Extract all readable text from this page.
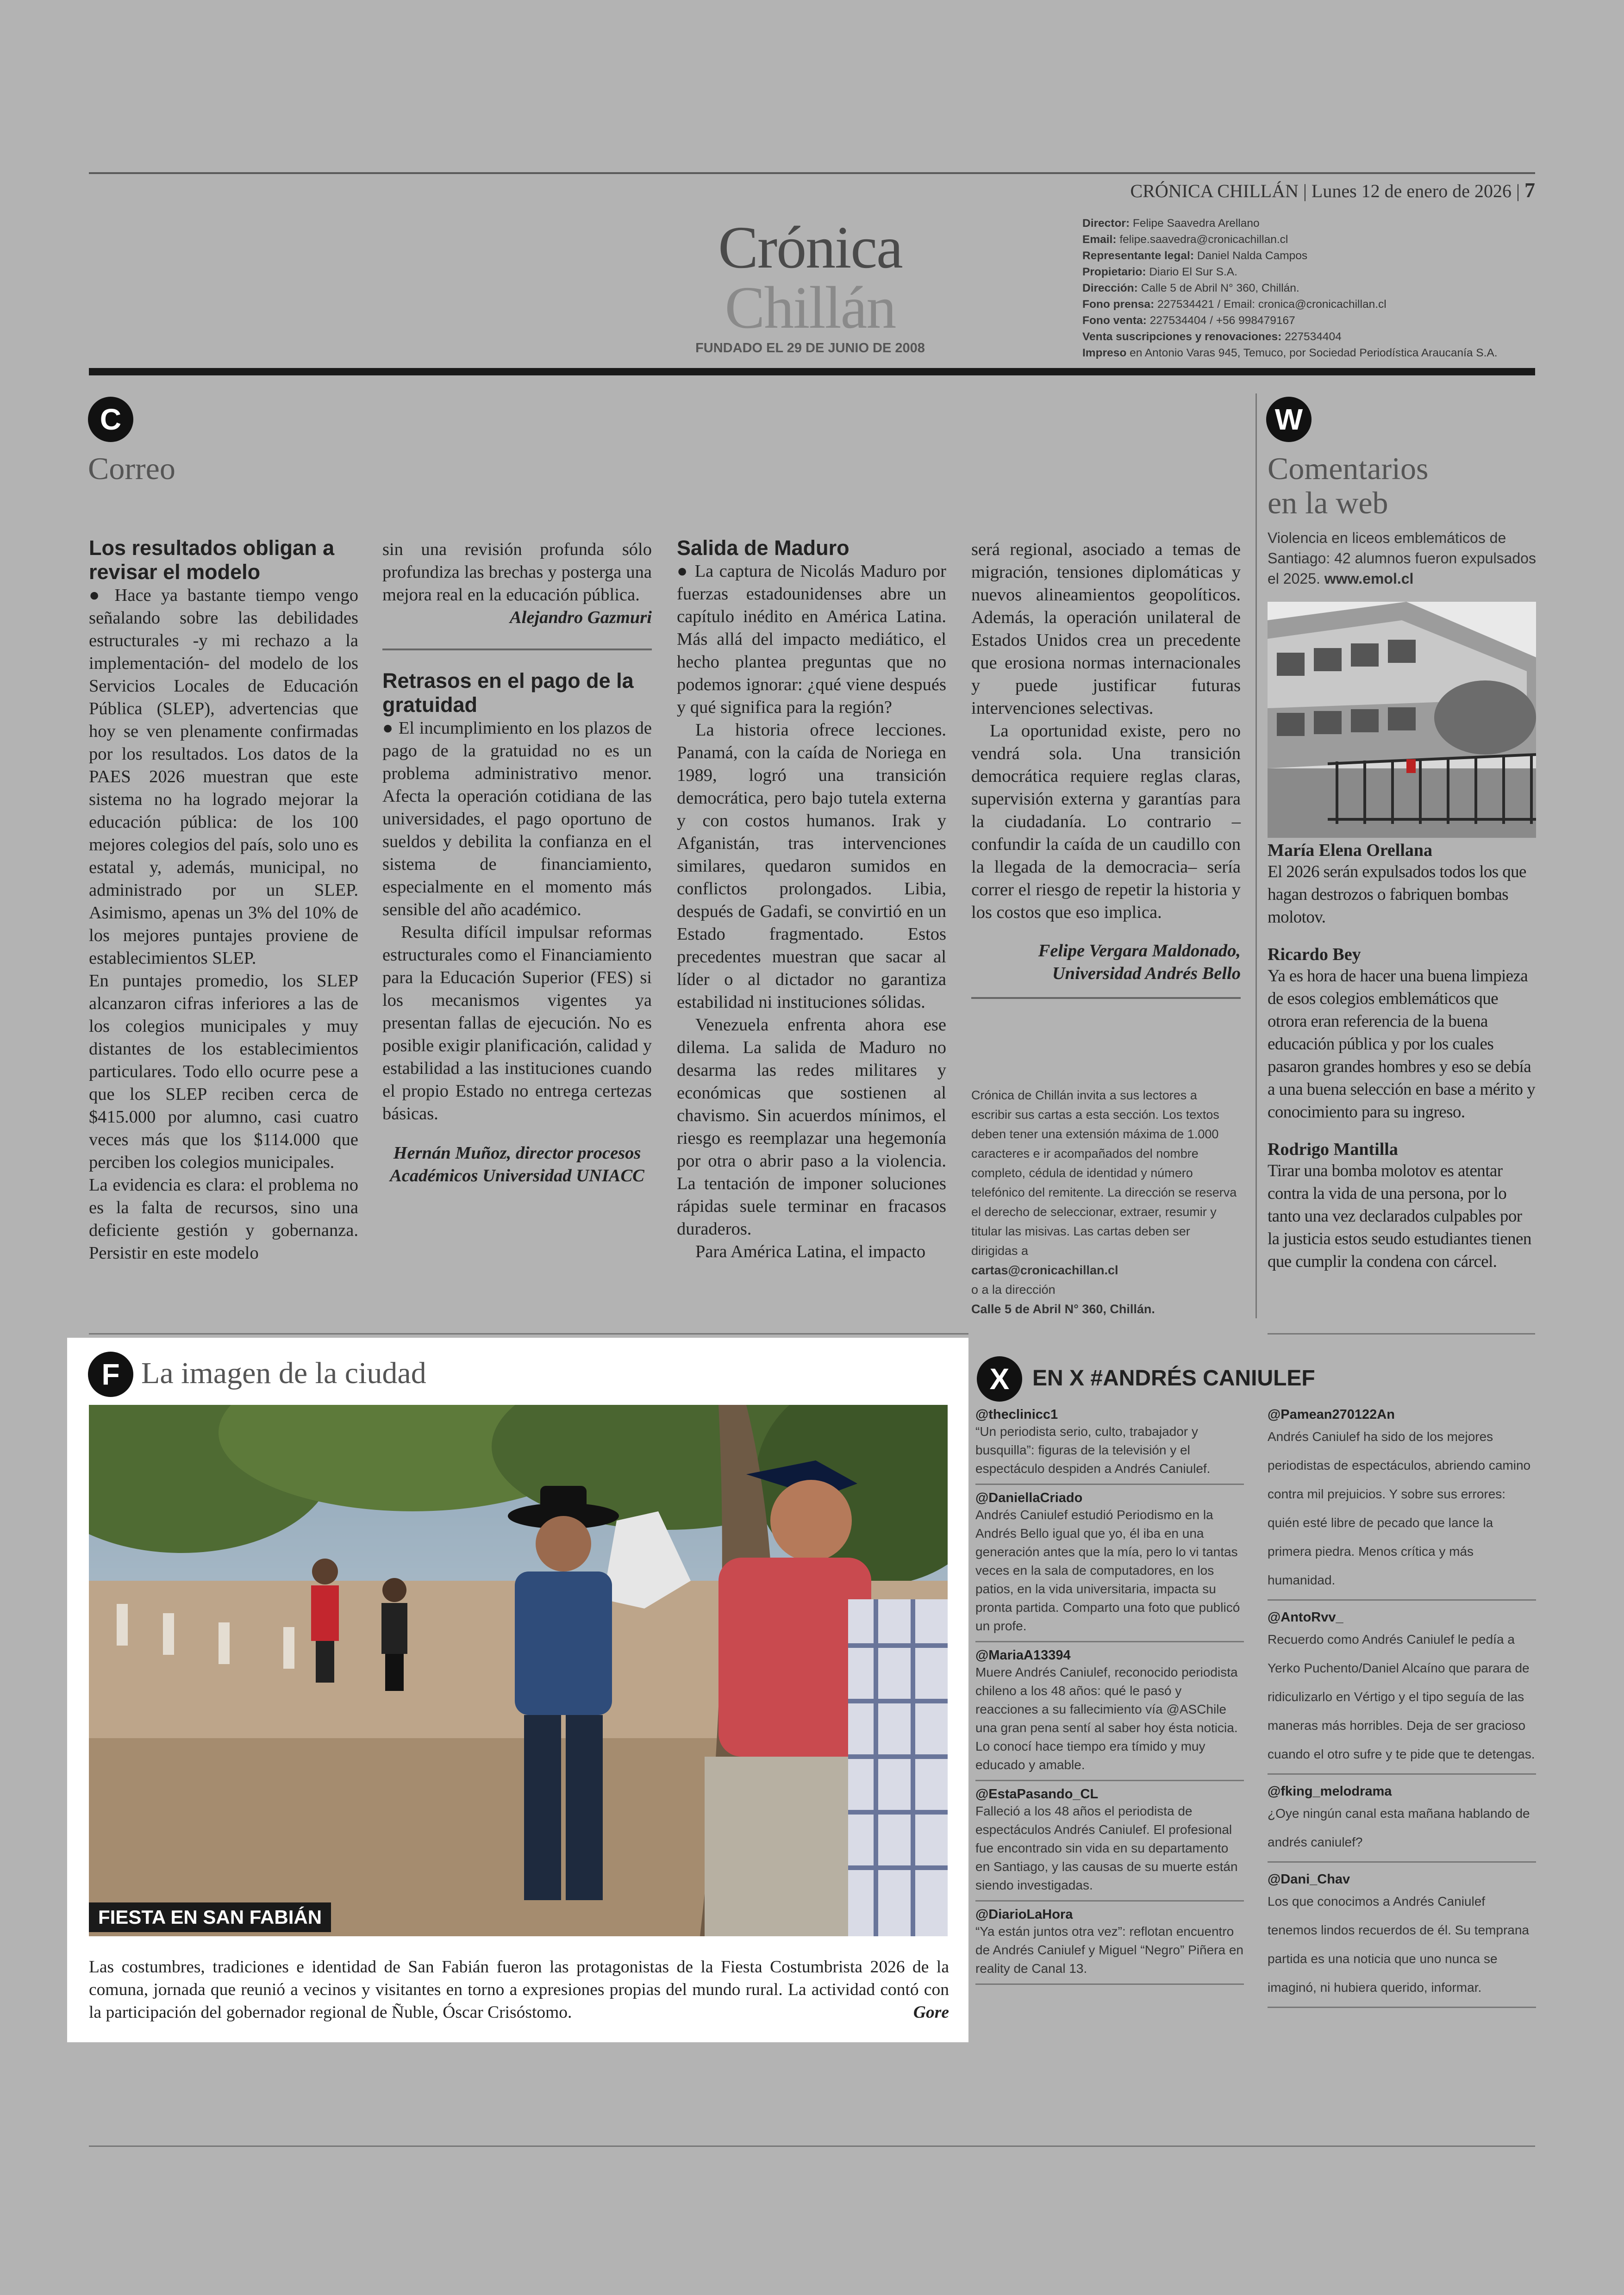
CRÓNICA CHILLÁN | Lunes 12 de enero de 2026 | 7
Crónica Chillán
FUNDADO EL 29 DE JUNIO DE 2008
Director: Felipe Saavedra Arellano
Email: felipe.saavedra@cronicachillan.cl
Representante legal: Daniel Nalda Campos
Propietario: Diario El Sur S.A.
Dirección: Calle 5 de Abril N° 360, Chillán.
Fono prensa: 227534421 / Email: cronica@cronicachillan.cl
Fono venta: 227534404 / +56 998479167
Venta suscripciones y renovaciones: 227534404
Impreso en Antonio Varas 945, Temuco, por Sociedad Periodística Araucanía S.A.
C
Correo

Los resultados obligan a revisar el modelo

● Hace ya bastante tiempo vengo señalando sobre las debilidades estructurales -y mi rechazo a la implementación- del modelo de los Servicios Locales de Educación Pública (SLEP), advertencias que hoy se ven plenamente confirmadas por los resultados. Los datos de la PAES 2026 muestran que este sistema no ha logrado mejorar la educación pública: de los 100 mejores colegios del país, solo uno es estatal y, además, municipal, no administrado por un SLEP. Asimismo, apenas un 3% del 10% de los mejores puntajes proviene de establecimientos SLEP.

En puntajes promedio, los SLEP alcanzaron cifras inferiores a las de los colegios municipales y muy distantes de los establecimientos particulares. Todo ello ocurre pese a que los SLEP reciben cerca de $415.000 por alumno, casi cuatro veces más que los $114.000 que perciben los colegios municipales.

La evidencia es clara: el problema no es la falta de recursos, sino una deficiente gestión y gobernanza. Persistir en este modelo

sin una revisión profunda sólo profundiza las brechas y posterga una mejora real en la educación pública.

Alejandro Gazmuri

Retrasos en el pago de la gratuidad

● El incumplimiento en los plazos de pago de la gratuidad no es un problema administrativo menor. Afecta la operación cotidiana de las universidades, el pago oportuno de sueldos y debilita la confianza en el sistema de financiamiento, especialmente en el momento más sensible del año académico.

Resulta difícil impulsar reformas estructurales como el Financiamiento para la Educación Superior (FES) si los mecanismos vigentes ya presentan fallas de ejecución. No es posible exigir planificación, calidad y estabilidad a las instituciones cuando el propio Estado no entrega certezas básicas.

Hernán Muñoz, director procesos

Académicos Universidad UNIACC

Salida de Maduro

● La captura de Nicolás Maduro por fuerzas estadounidenses abre un capítulo inédito en América Latina. Más allá del impacto mediático, el hecho plantea preguntas que no podemos ignorar: ¿qué viene después y qué significa para la región?

La historia ofrece lecciones. Panamá, con la caída de Noriega en 1989, logró una transición democrática, pero bajo tutela externa y con costos humanos. Irak y Afganistán, tras intervenciones similares, quedaron sumidos en conflictos prolongados. Libia, después de Gadafi, se convirtió en un Estado fragmentado. Estos precedentes muestran que sacar al líder o al dictador no garantiza estabilidad ni instituciones sólidas.

Venezuela enfrenta ahora ese dilema. La salida de Maduro no desarma las redes militares y económicas que sostienen al chavismo. Sin acuerdos mínimos, el riesgo es reemplazar una hegemonía por otra o abrir paso a la violencia. La tentación de imponer soluciones rápidas suele terminar en fracasos duraderos.

Para América Latina, el impacto

será regional, asociado a temas de migración, tensiones diplomáticas y nuevos alineamientos geopolíticos. Además, la operación unilateral de Estados Unidos crea un precedente que erosiona normas internacionales y puede justificar futuras intervenciones selectivas.

La oportunidad existe, pero no vendrá sola. Una transición democrática requiere reglas claras, supervisión externa y garantías para la ciudadanía. Lo contrario –confundir la caída de un caudillo con la llegada de la democracia– sería correr el riesgo de repetir la historia y los costos que eso implica.

Felipe Vergara Maldonado,

Universidad Andrés Bello

Crónica de Chillán invita a sus lectores a escribir sus cartas a esta sección. Los textos deben tener una extensión máxima de 1.000 caracteres e ir acompañados del nombre completo, cédula de identidad y número telefónico del remitente. La dirección se reserva el derecho de seleccionar, extraer, resumir y titular las misivas. Las cartas deben ser dirigidas a
cartas@cronicachillan.cl
o a la dirección
Calle 5 de Abril N° 360, Chillán.
W
Comentarios
en la web
Violencia en liceos emblemáticos de Santiago: 42 alumnos fueron expulsados el 2025. www.emol.cl
María Elena Orellana
El 2026 serán expulsados todos los que hagan destrozos o fabriquen bombas molotov.
Ricardo Bey
Ya es hora de hacer una buena limpieza de esos colegios emblemáticos que otrora eran referencia de la buena educación pública y por los cuales pasaron grandes hombres y eso se debía a una buena selección en base a mérito y conocimiento para su ingreso.
Rodrigo Mantilla
Tirar una bomba molotov es atentar contra la vida de una persona, por lo tanto una vez declarados culpables por la justicia estos seudo estudiantes tienen que cumplir la condena con cárcel.
F La imagen de la ciudad
FIESTA EN SAN FABIÁN
Las costumbres, tradiciones e identidad de San Fabián fueron las protagonistas de la Fiesta Costumbrista 2026 de la comuna, jornada que reunió a vecinos y visitantes en torno a expresiones propias del mundo rural. La actividad contó con la participación del gobernador regional de Ñuble, Óscar Crisóstomo.	Gore
X	EN X #ANDRÉS CANIULEF
@theclinicc1
“Un periodista serio, culto, trabajador y busquilla”: figuras de la televisión y el espectáculo despiden a Andrés Caniulef.
@DaniellaCriado
Andrés Caniulef estudió Periodismo en la Andrés Bello igual que yo, él iba en una generación antes que la mía, pero lo vi tantas veces en la sala de computadores, en los patios, en la vida universitaria, impacta su pronta partida. Comparto una foto que publicó un profe.
@MariaA13394
Muere Andrés Caniulef, reconocido periodista chileno a los 48 años: qué le pasó y reacciones a su fallecimiento vía @ASChile una gran pena sentí al saber hoy ésta noticia. Lo conocí hace tiempo era tímido y muy educado y amable.
@EstaPasando_CL
Falleció a los 48 años el periodista de espectáculos Andrés Caniulef. El profesional fue encontrado sin vida en su departamento en Santiago, y las causas de su muerte están siendo investigadas.
@DiarioLaHora
“Ya están juntos otra vez”: reflotan encuentro de Andrés Caniulef y Miguel “Negro” Piñera en reality de Canal 13.
@Pamean270122An
Andrés Caniulef ha sido de los mejores periodistas de espectáculos, abriendo camino contra mil prejuicios. Y sobre sus errores: quién esté libre de pecado que lance la primera piedra. Menos crítica y más humanidad.
@AntoRvv_
Recuerdo como Andrés Caniulef le pedía a Yerko Puchento/Daniel Alcaíno que parara de ridiculizarlo en Vértigo y el tipo seguía de las maneras más horribles. Deja de ser gracioso cuando el otro sufre y te pide que te detengas.
@fking_melodrama
¿Oye ningún canal esta mañana hablando de andrés caniulef?
@Dani_Chav
Los que conocimos a Andrés Caniulef tenemos lindos recuerdos de él. Su temprana partida es una noticia que uno nunca se imaginó, ni hubiera querido, informar.
